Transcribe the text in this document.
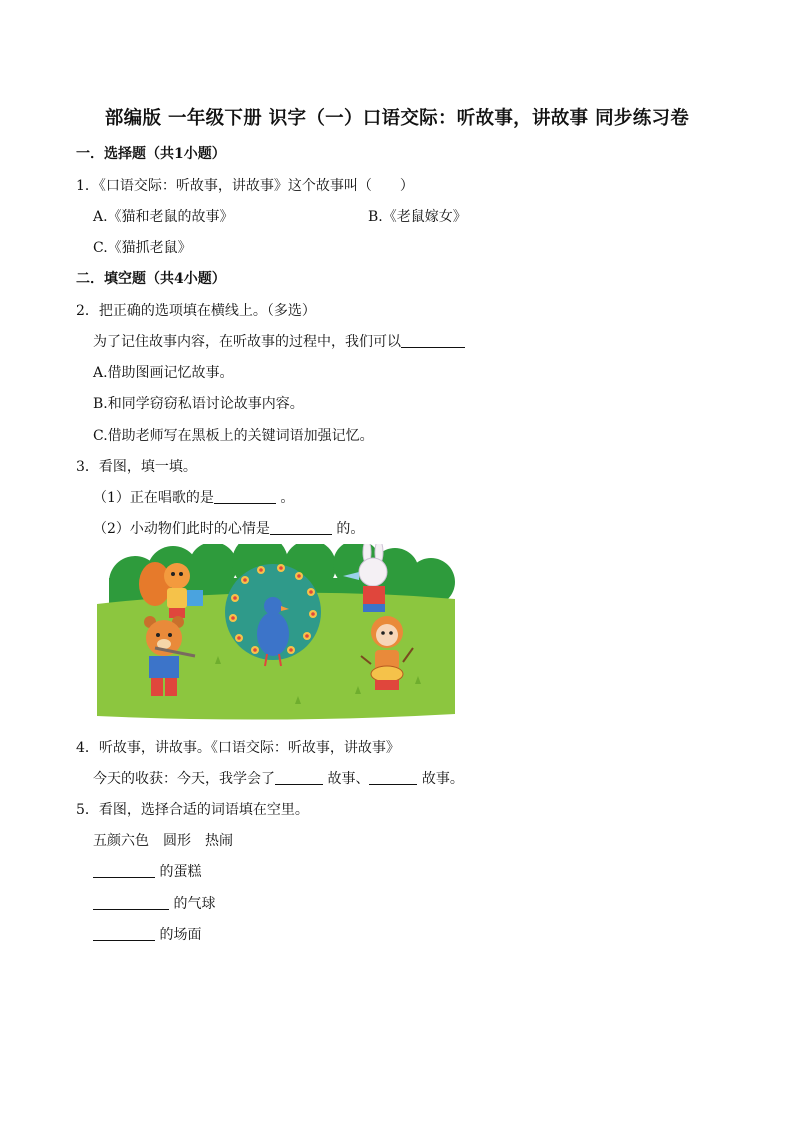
部编版 一年级下册 识字（一）口语交际：听故事，讲故事 同步练习卷
一．选择题（共1小题）
1．《口语交际：听故事，讲故事》这个故事叫（　　）
A.《猫和老鼠的故事》	B.《老鼠嫁女》
C.《猫抓老鼠》
二．填空题（共4小题）
2．把正确的选项填在横线上。（多选）
为了记住故事内容，在听故事的过程中，我们可以
A.借助图画记忆故事。
B.和同学窃窃私语讨论故事内容。
C.借助老师写在黑板上的关键词语加强记忆。
3．看图，填一填。
（1）正在唱歌的是	。
（2）小动物们此时的心情是	的。
4．听故事，讲故事。《口语交际：听故事，讲故事》
今天的收获：今天，我学会了	故事、	故事。
5．看图，选择合适的词语填在空里。
五颜六色　圆形　热闹
的蛋糕
的气球
的场面
